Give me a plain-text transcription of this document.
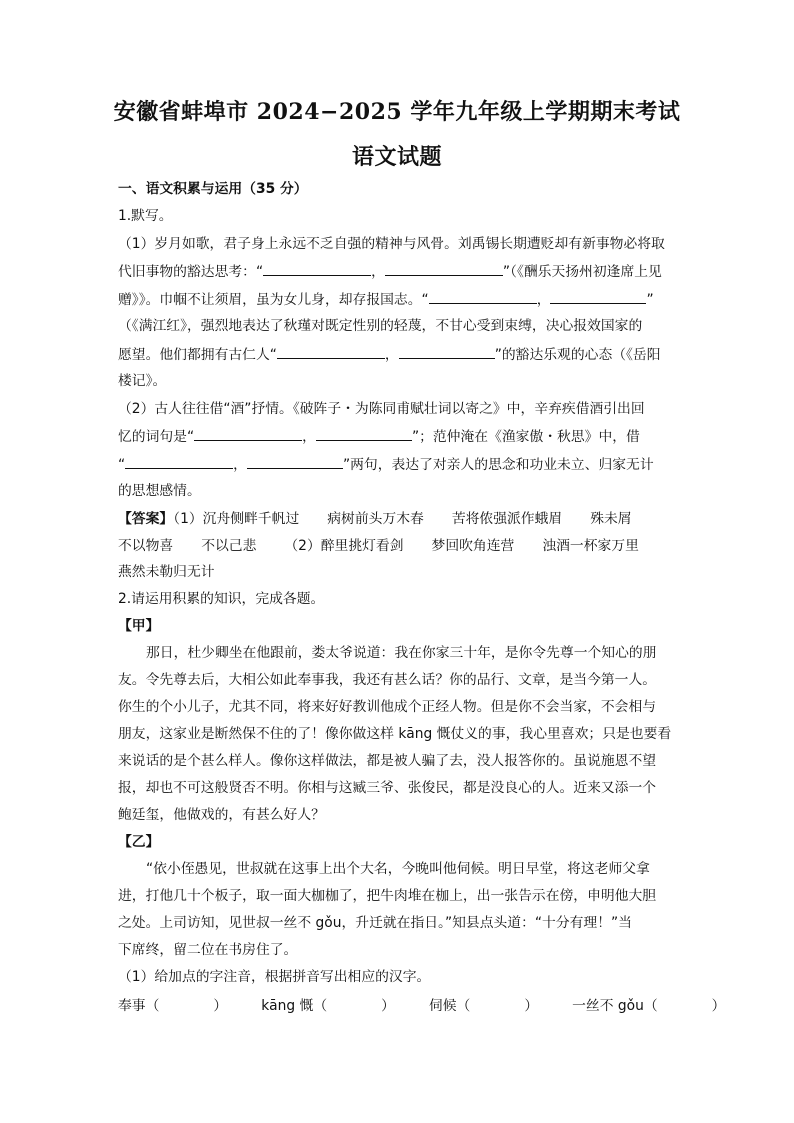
安徽省蚌埠市 2024−2025 学年九年级上学期期末考试
语文试题
一、语文积累与运用（35 分）
1.默写。
（1）岁月如歌，君子身上永远不乏自强的精神与风骨。刘禹锡长期遭贬却有新事物必将取
代旧事物的豁达思考：“	，	”（《酬乐天扬州初逢席上见
赠》》。巾帼不让须眉，虽为女儿身，却存报国志。“	，	”
（《满江红》，强烈地表达了秋瑾对既定性别的轻蔑，不甘心受到束缚，决心报效国家的
愿望。他们都拥有古仁人“	，	”的豁达乐观的心态（《岳阳
楼记》。
（2）古人往往借“酒”抒情。《破阵子・为陈同甫赋壮词以寄之》中，辛弃疾借酒引出回
忆的词句是“	，	”；范仲淹在《渔家傲・秋思》中，借
“	，	”两句，表达了对亲人的思念和功业未立、归家无计
的思想感情。
【答案】（1）沉舟侧畔千帆过 病树前头万木春 苦将侬强派作蛾眉 殊未屑
不以物喜 不以己悲 （2）醉里挑灯看剑 梦回吹角连营 浊酒一杯家万里
燕然未勒归无计
2.请运用积累的知识，完成各题。
【甲】
那日，杜少卿坐在他跟前，娄太爷说道：我在你家三十年，是你令先尊一个知心的朋
友。令先尊去后，大相公如此奉事我，我还有甚么话？你的品行、文章，是当今第一人。
你生的个小儿子，尤其不同，将来好好教训他成个正经人物。但是你不会当家，不会相与
朋友，这家业是断然保不住的了！像你做这样 kāng 慨仗义的事，我心里喜欢；只是也要看
来说话的是个甚么样人。像你这样做法，都是被人骗了去，没人报答你的。虽说施恩不望
报，却也不可这般贤否不明。你相与这臧三爷、张俊民，都是没良心的人。近来又添一个
鲍廷玺，他做戏的，有甚么好人？
【乙】
“依小侄愚见，世叔就在这事上出个大名，今晚叫他伺候。明日早堂，将这老师父拿
进，打他几十个板子，取一面大枷枷了，把牛肉堆在枷上，出一张告示在傍，申明他大胆
之处。上司访知，见世叔一丝不 gǒu，升迁就在指日。”知县点头道：“十分有理！”当
下席终，留二位在书房住了。
（1）给加点的字注音，根据拼音写出相应的汉字。
奉事（	） kāng 慨（	） 伺候（	） 一丝不 gǒu（	）
